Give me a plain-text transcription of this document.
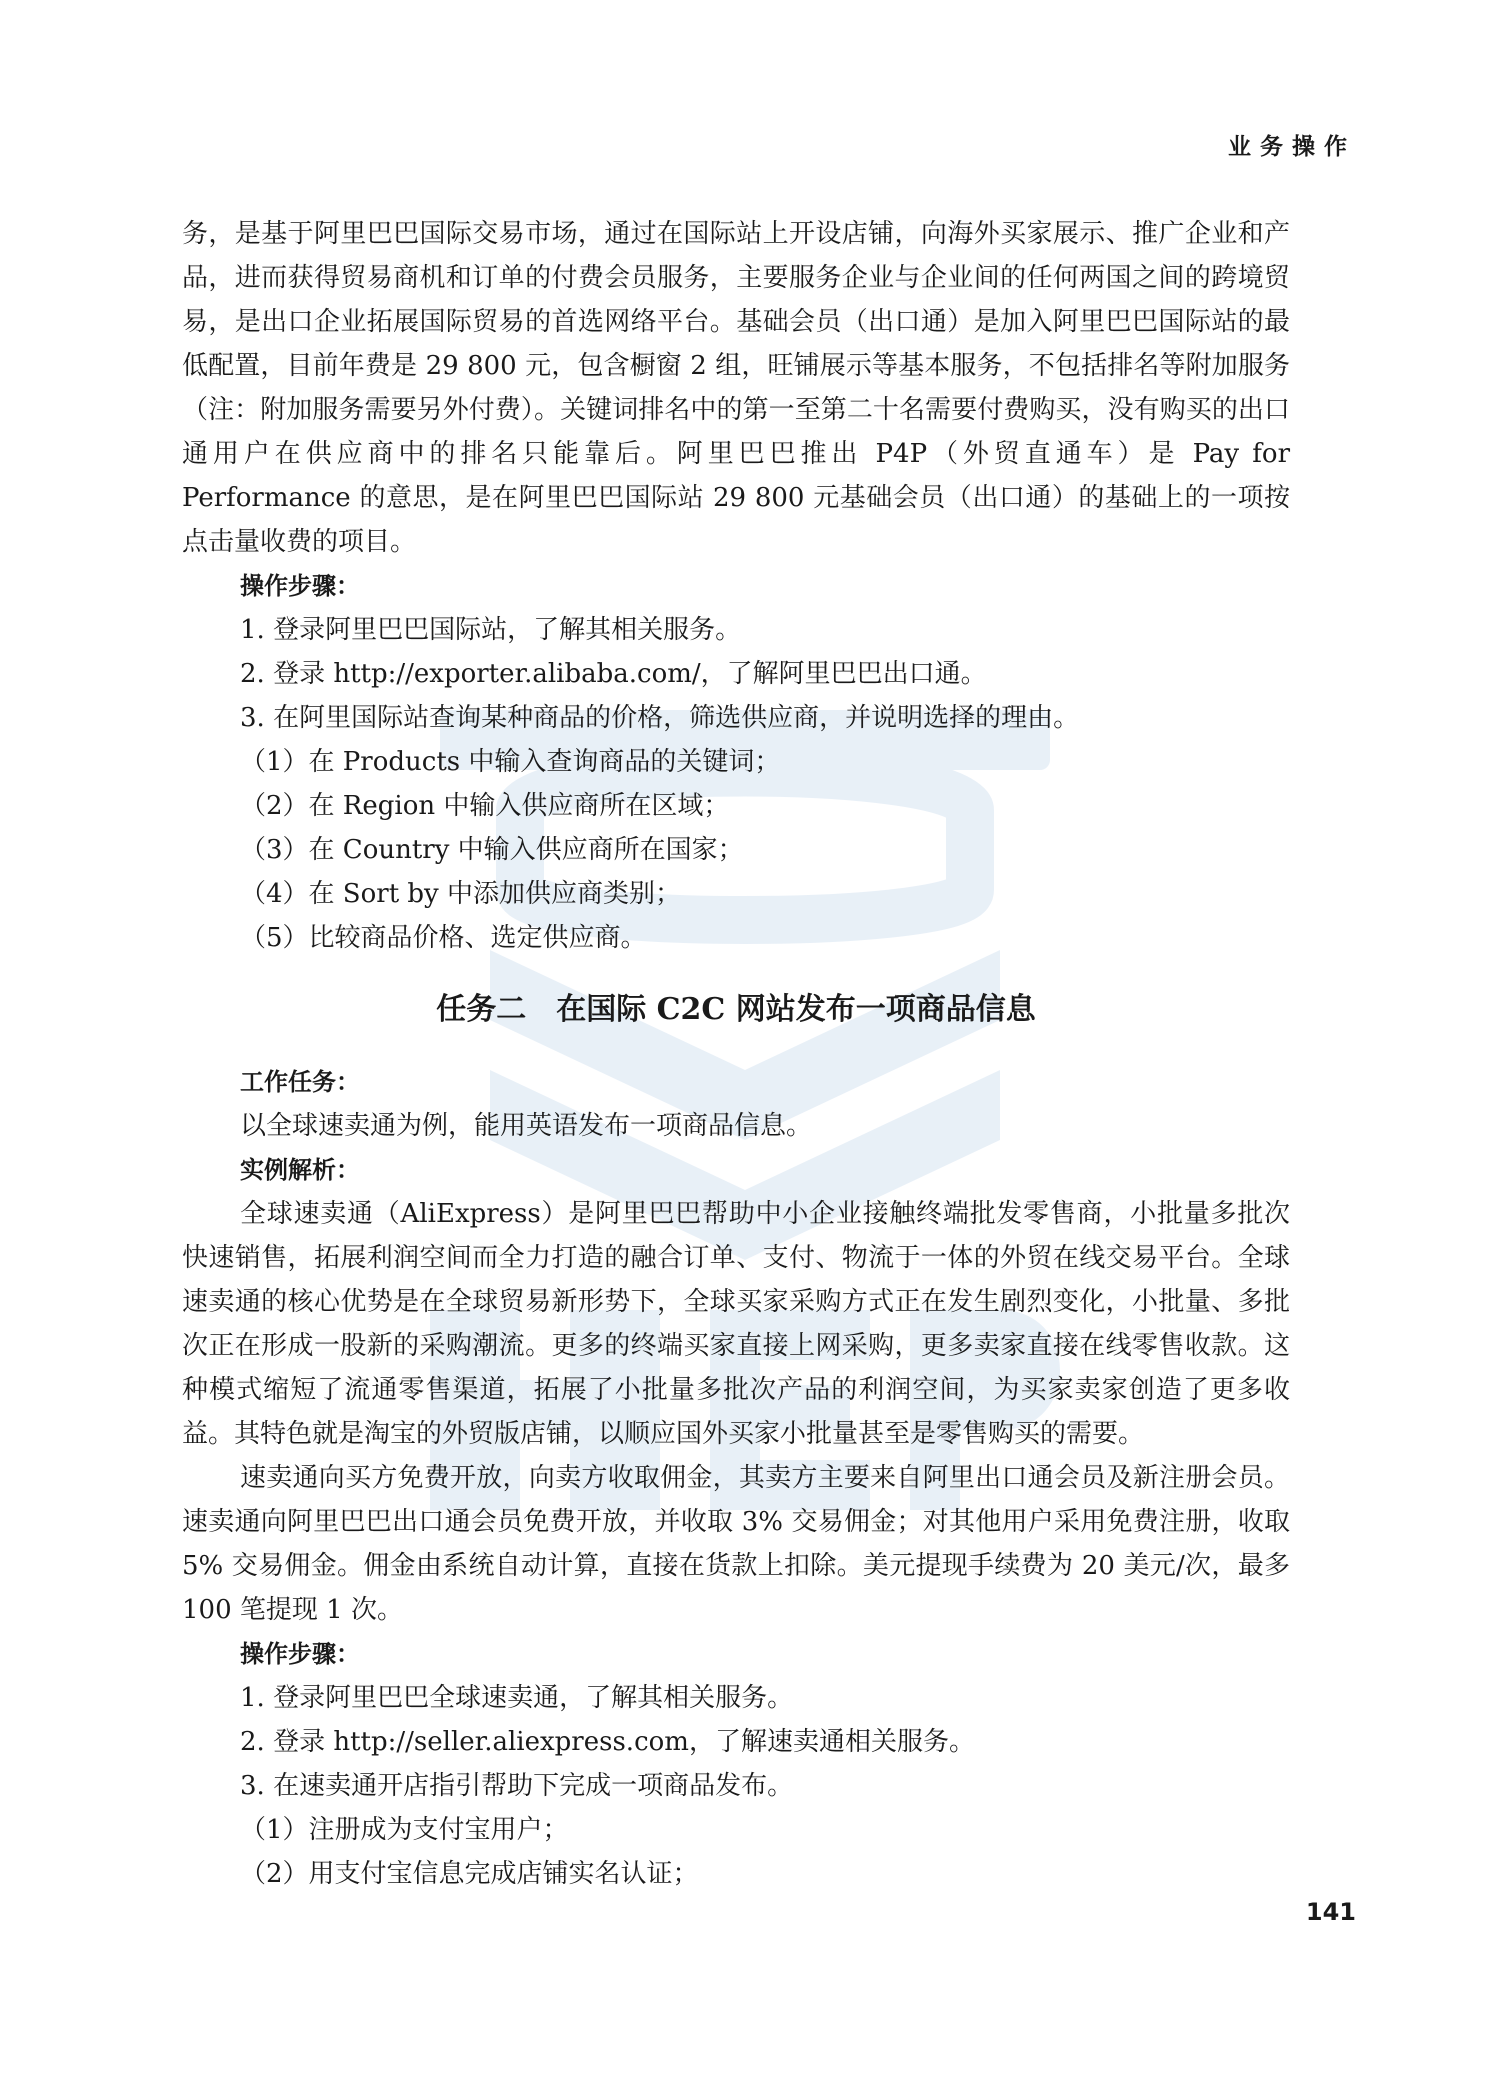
业务操作

务，是基于阿里巴巴国际交易市场，通过在国际站上开设店铺，向海外买家展示、推广企业和产品，进而获得贸易商机和订单的付费会员服务，主要服务企业与企业间的任何两国之间的跨境贸易，是出口企业拓展国际贸易的首选网络平台。基础会员（出口通）是加入阿里巴巴国际站的最低配置，目前年费是 29 800 元，包含橱窗 2 组，旺铺展示等基本服务，不包括排名等附加服务（注：附加服务需要另外付费）。关键词排名中的第一至第二十名需要付费购买，没有购买的出口通用户在供应商中的排名只能靠后。阿里巴巴推出 P4P（外贸直通车）是 Pay for Performance 的意思，是在阿里巴巴国际站 29 800 元基础会员（出口通）的基础上的一项按点击量收费的项目。

操作步骤：

1. 登录阿里巴巴国际站，了解其相关服务。

2. 登录 http://exporter.alibaba.com/，了解阿里巴巴出口通。

3. 在阿里国际站查询某种商品的价格，筛选供应商，并说明选择的理由。

（1）在 Products 中输入查询商品的关键词；

（2）在 Region 中输入供应商所在区域；

（3）在 Country 中输入供应商所在国家；

（4）在 Sort by 中添加供应商类别；

（5）比较商品价格、选定供应商。

任务二　在国际 C2C 网站发布一项商品信息

工作任务：

以全球速卖通为例，能用英语发布一项商品信息。

实例解析：

全球速卖通（AliExpress）是阿里巴巴帮助中小企业接触终端批发零售商，小批量多批次快速销售，拓展利润空间而全力打造的融合订单、支付、物流于一体的外贸在线交易平台。全球速卖通的核心优势是在全球贸易新形势下，全球买家采购方式正在发生剧烈变化，小批量、多批次正在形成一股新的采购潮流。更多的终端买家直接上网采购，更多卖家直接在线零售收款。这种模式缩短了流通零售渠道，拓展了小批量多批次产品的利润空间，为买家卖家创造了更多收益。其特色就是淘宝的外贸版店铺，以顺应国外买家小批量甚至是零售购买的需要。

速卖通向买方免费开放，向卖方收取佣金，其卖方主要来自阿里出口通会员及新注册会员。速卖通向阿里巴巴出口通会员免费开放，并收取 3% 交易佣金；对其他用户采用免费注册，收取 5% 交易佣金。佣金由系统自动计算，直接在货款上扣除。美元提现手续费为 20 美元/次，最多 100 笔提现 1 次。

操作步骤：

1. 登录阿里巴巴全球速卖通，了解其相关服务。

2. 登录 http://seller.aliexpress.com，了解速卖通相关服务。

3. 在速卖通开店指引帮助下完成一项商品发布。

（1）注册成为支付宝用户；

（2）用支付宝信息完成店铺实名认证；

141
